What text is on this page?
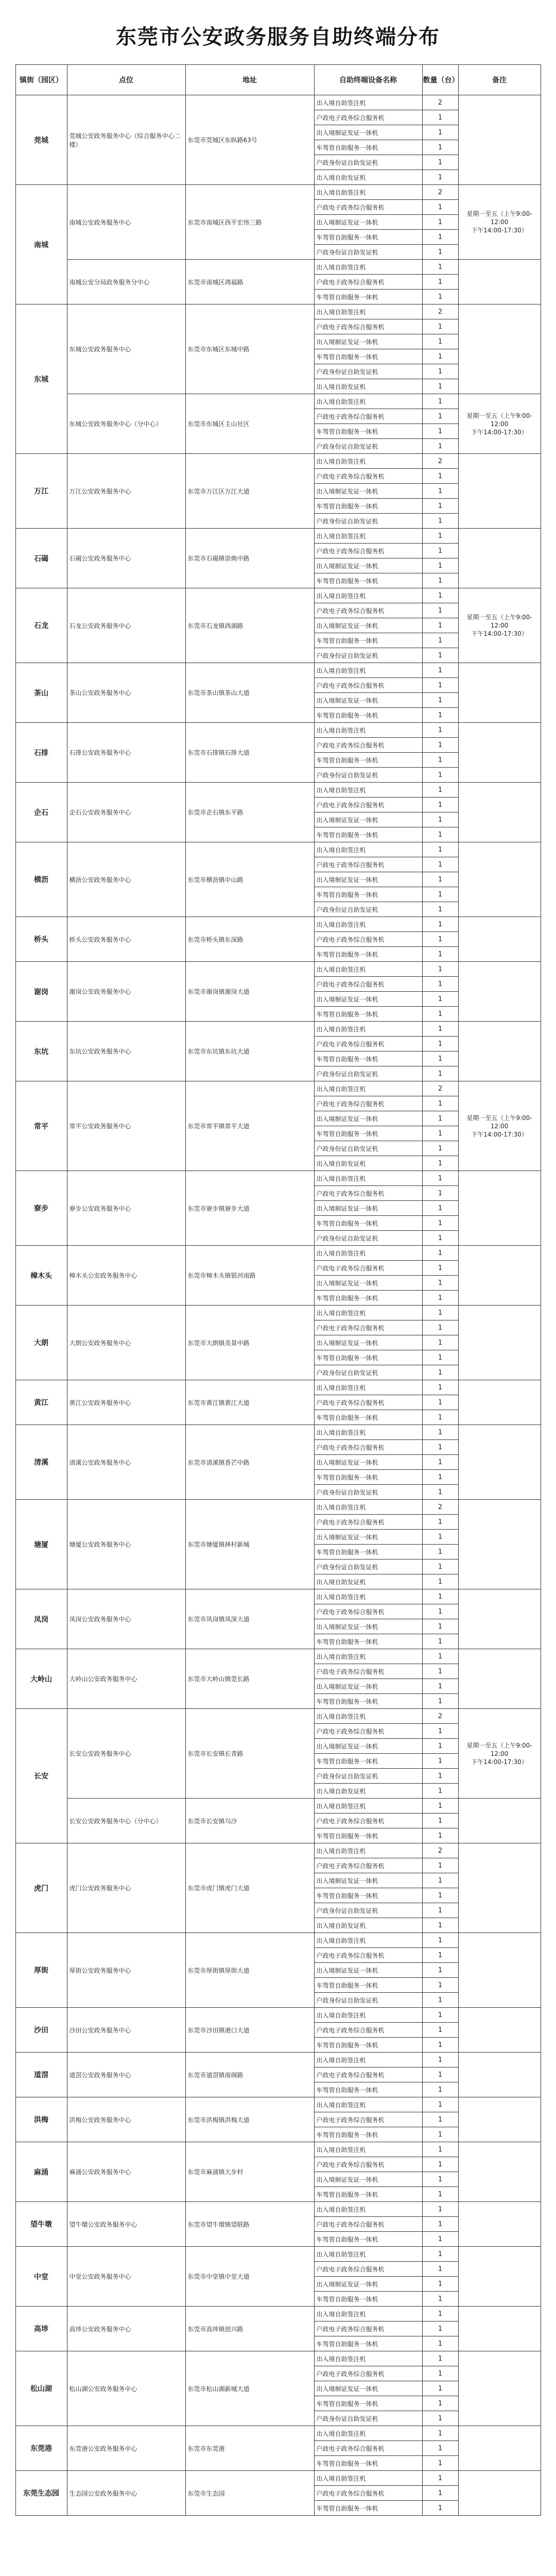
东莞市公安政务服务自助终端分布
镇街（园区）	点位	地址	自助终端设备名称	数量（台）	备注
莞城	莞城公安政务服务中心（综合服务中心二楼）	东莞市莞城区东纵路63号	出入境自助签注机	2	
			户政电子政务综合服务机	1	
			出入境制证发证一体机	1	
			车驾管自助服务一体机	1	
			户政身份证自助发证机	1	
			出入境自助发证机	1	
南城	南城公安政务服务中心	东莞市南城区西平宏伟三路	出入境自助签注机	2	星期一至五（上午9:00-12:00
下午14:00-17:30）
			户政电子政务综合服务机	1	
			出入境制证发证一体机	1	
			车驾管自助服务一体机	1	
			户政身份证自助发证机	1	
	南城公安分局政务服务分中心	东莞市南城区鸿福路	出入境自助签注机	1	
			户政电子政务综合服务机	1	
			车驾管自助服务一体机	1	
东城	东城公安政务服务中心	东莞市东城区东城中路	出入境自助签注机	2	
			户政电子政务综合服务机	1	
			出入境制证发证一体机	1	
			车驾管自助服务一体机	1	
			户政身份证自助发证机	1	
			出入境自助发证机	1	
	东城公安政务服务中心（分中心）	东莞市东城区主山社区	出入境自助签注机	1	星期一至五（上午9:00-12:00
下午14:00-17:30）
			户政电子政务综合服务机	1	
			车驾管自助服务一体机	1	
			户政身份证自助发证机	1	
万江	万江公安政务服务中心	东莞市万江区万江大道	出入境自助签注机	2	
			户政电子政务综合服务机	1	
			出入境制证发证一体机	1	
			车驾管自助服务一体机	1	
			户政身份证自助发证机	1	
石碣	石碣公安政务服务中心	东莞市石碣镇崇焕中路	出入境自助签注机	1	
			户政电子政务综合服务机	1	
			出入境制证发证一体机	1	
			车驾管自助服务一体机	1	
石龙	石龙公安政务服务中心	东莞市石龙镇西湖路	出入境自助签注机	1	星期一至五（上午9:00-12:00
下午14:00-17:30）
			户政电子政务综合服务机	1	
			出入境制证发证一体机	1	
			车驾管自助服务一体机	1	
			户政身份证自助发证机	1	
茶山	茶山公安政务服务中心	东莞市茶山镇茶山大道	出入境自助签注机	1	
			户政电子政务综合服务机	1	
			出入境制证发证一体机	1	
			车驾管自助服务一体机	1	
石排	石排公安政务服务中心	东莞市石排镇石排大道	出入境自助签注机	1	
			户政电子政务综合服务机	1	
			车驾管自助服务一体机	1	
			户政身份证自助发证机	1	
企石	企石公安政务服务中心	东莞市企石镇东平路	出入境自助签注机	1	
			户政电子政务综合服务机	1	
			出入境制证发证一体机	1	
			车驾管自助服务一体机	1	
横沥	横沥公安政务服务中心	东莞市横沥镇中山路	出入境自助签注机	1	
			户政电子政务综合服务机	1	
			出入境制证发证一体机	1	
			车驾管自助服务一体机	1	
			户政身份证自助发证机	1	
桥头	桥头公安政务服务中心	东莞市桥头镇东深路	出入境自助签注机	1	
			户政电子政务综合服务机	1	
			车驾管自助服务一体机	1	
谢岗	谢岗公安政务服务中心	东莞市谢岗镇谢岗大道	出入境自助签注机	1	
			户政电子政务综合服务机	1	
			出入境制证发证一体机	1	
			车驾管自助服务一体机	1	
东坑	东坑公安政务服务中心	东莞市东坑镇东坑大道	出入境自助签注机	1	
			户政电子政务综合服务机	1	
			车驾管自助服务一体机	1	
			户政身份证自助发证机	1	
常平	常平公安政务服务中心	东莞市常平镇常平大道	出入境自助签注机	2	星期一至五（上午9:00-12:00
下午14:00-17:30）
			户政电子政务综合服务机	1	
			出入境制证发证一体机	1	
			车驾管自助服务一体机	1	
			户政身份证自助发证机	1	
			出入境自助发证机	1	
寮步	寮步公安政务服务中心	东莞市寮步镇寮步大道	出入境自助签注机	1	
			户政电子政务综合服务机	1	
			出入境制证发证一体机	1	
			车驾管自助服务一体机	1	
			户政身份证自助发证机	1	
樟木头	樟木头公安政务服务中心	东莞市樟木头镇银河南路	出入境自助签注机	1	
			户政电子政务综合服务机	1	
			出入境制证发证一体机	1	
			车驾管自助服务一体机	1	
大朗	大朗公安政务服务中心	东莞市大朗镇美景中路	出入境自助签注机	1	
			户政电子政务综合服务机	1	
			出入境制证发证一体机	1	
			车驾管自助服务一体机	1	
			户政身份证自助发证机	1	
黄江	黄江公安政务服务中心	东莞市黄江镇黄江大道	出入境自助签注机	1	
			户政电子政务综合服务机	1	
			车驾管自助服务一体机	1	
清溪	清溪公安政务服务中心	东莞市清溪镇香芒中路	出入境自助签注机	1	
			户政电子政务综合服务机	1	
			出入境制证发证一体机	1	
			车驾管自助服务一体机	1	
			户政身份证自助发证机	1	
塘厦	塘厦公安政务服务中心	东莞市塘厦镇林村新城	出入境自助签注机	2	
			户政电子政务综合服务机	1	
			出入境制证发证一体机	1	
			车驾管自助服务一体机	1	
			户政身份证自助发证机	1	
			出入境自助发证机	1	
凤岗	凤岗公安政务服务中心	东莞市凤岗镇凤深大道	出入境自助签注机	1	
			户政电子政务综合服务机	1	
			出入境制证发证一体机	1	
			车驾管自助服务一体机	1	
大岭山	大岭山公安政务服务中心	东莞市大岭山镇莞长路	出入境自助签注机	1	
			户政电子政务综合服务机	1	
			出入境制证发证一体机	1	
			车驾管自助服务一体机	1	
长安	长安公安政务服务中心	东莞市长安镇长青路	出入境自助签注机	2	星期一至五（上午9:00-12:00
下午14:00-17:30）
			户政电子政务综合服务机	1	
			出入境制证发证一体机	1	
			车驾管自助服务一体机	1	
			户政身份证自助发证机	1	
			出入境自助发证机	1	
	长安公安政务服务中心（分中心）	东莞市长安镇乌沙	出入境自助签注机	1	
			户政电子政务综合服务机	1	
			车驾管自助服务一体机	1	
虎门	虎门公安政务服务中心	东莞市虎门镇虎门大道	出入境自助签注机	2	
			户政电子政务综合服务机	1	
			出入境制证发证一体机	1	
			车驾管自助服务一体机	1	
			户政身份证自助发证机	1	
			出入境自助发证机	1	
厚街	厚街公安政务服务中心	东莞市厚街镇厚街大道	出入境自助签注机	1	
			户政电子政务综合服务机	1	
			出入境制证发证一体机	1	
			车驾管自助服务一体机	1	
			户政身份证自助发证机	1	
沙田	沙田公安政务服务中心	东莞市沙田镇港口大道	出入境自助签注机	1	
			户政电子政务综合服务机	1	
			车驾管自助服务一体机	1	
道滘	道滘公安政务服务中心	东莞市道滘镇南阁路	出入境自助签注机	1	
			户政电子政务综合服务机	1	
			车驾管自助服务一体机	1	
洪梅	洪梅公安政务服务中心	东莞市洪梅镇洪梅大道	出入境自助签注机	1	
			户政电子政务综合服务机	1	
			车驾管自助服务一体机	1	
麻涌	麻涌公安政务服务中心	东莞市麻涌镇大步村	出入境自助签注机	1	
			户政电子政务综合服务机	1	
			出入境制证发证一体机	1	
			车驾管自助服务一体机	1	
望牛墩	望牛墩公安政务服务中心	东莞市望牛墩镇望联路	出入境自助签注机	1	
			户政电子政务综合服务机	1	
			车驾管自助服务一体机	1	
中堂	中堂公安政务服务中心	东莞市中堂镇中堂大道	出入境自助签注机	1	
			户政电子政务综合服务机	1	
			出入境制证发证一体机	1	
			车驾管自助服务一体机	1	
高埗	高埗公安政务服务中心	东莞市高埗镇创兴路	出入境自助签注机	1	
			户政电子政务综合服务机	1	
			车驾管自助服务一体机	1	
松山湖	松山湖公安政务服务中心	东莞市松山湖新城大道	出入境自助签注机	1	
			户政电子政务综合服务机	1	
			出入境制证发证一体机	1	
			车驾管自助服务一体机	1	
			户政身份证自助发证机	1	
东莞港	东莞港公安政务服务中心	东莞市东莞港	出入境自助签注机	1	
			户政电子政务综合服务机	1	
			车驾管自助服务一体机	1	
东莞生态园	生态园公安政务服务中心	东莞市生态园	出入境自助签注机	1	
			户政电子政务综合服务机	1	
			车驾管自助服务一体机	1	
